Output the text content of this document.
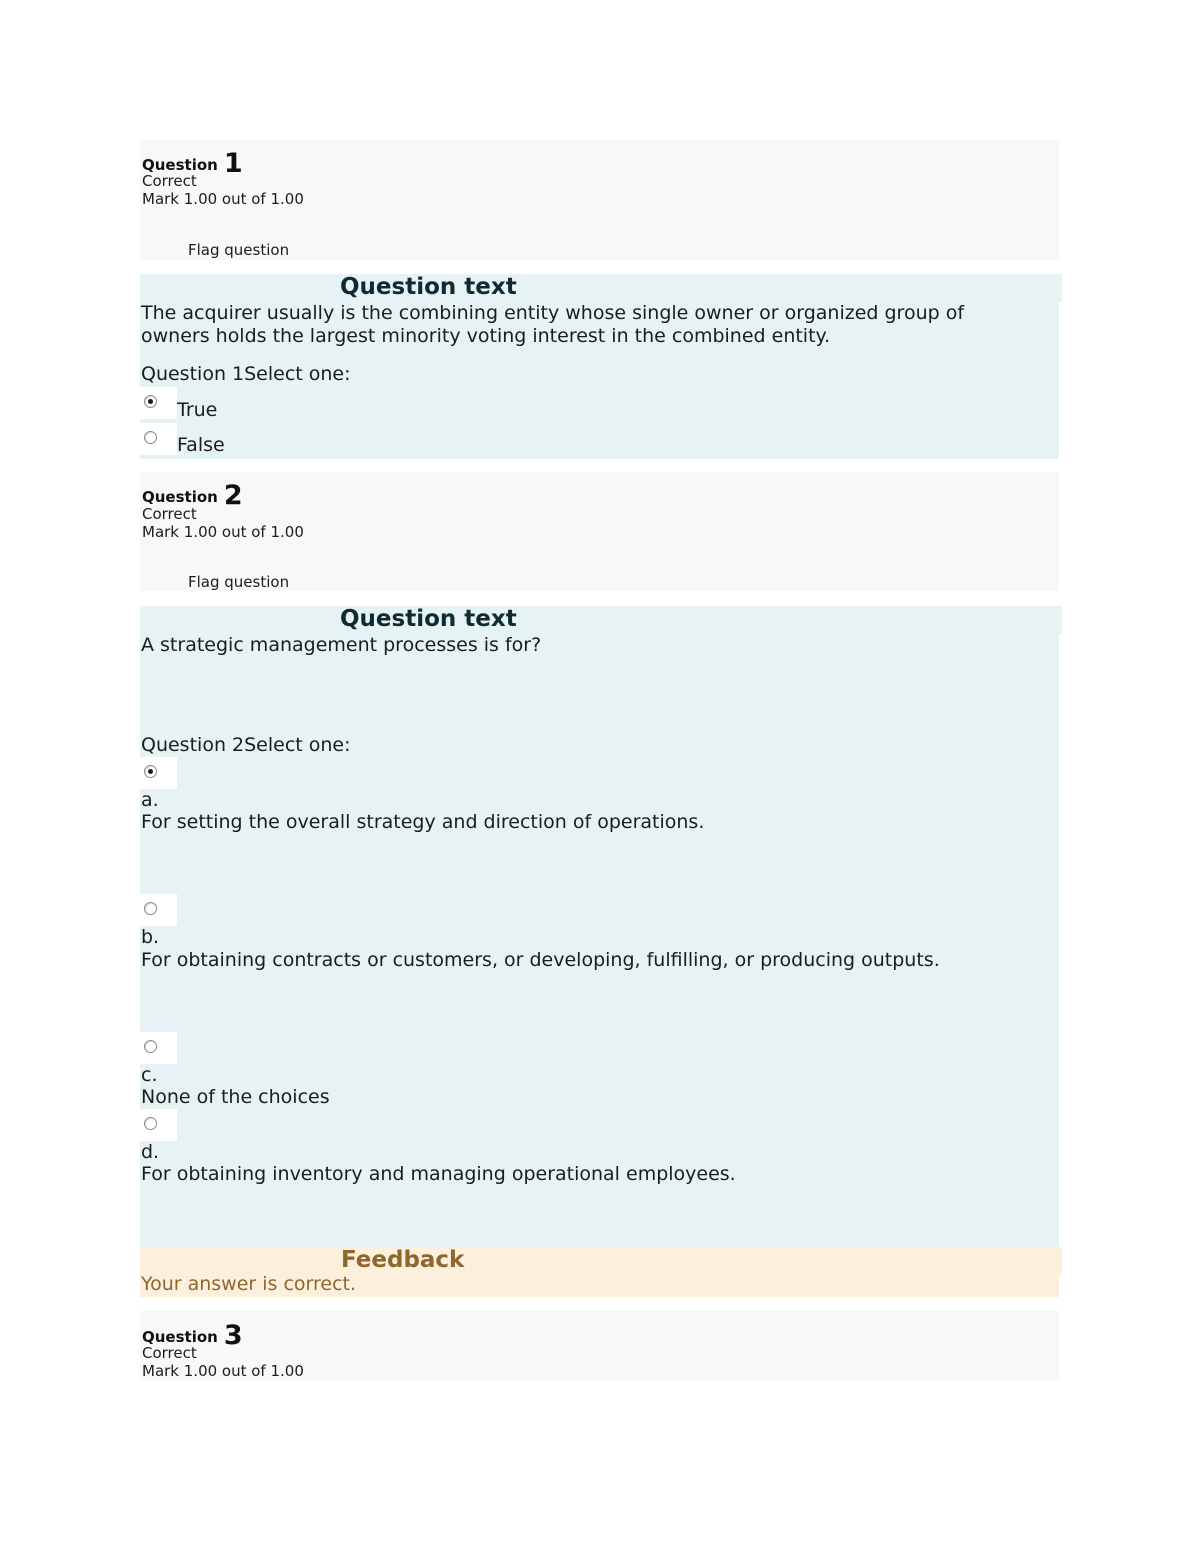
Question 1
Correct
Mark 1.00 out of 1.00
Flag question
Question text
The acquirer usually is the combining entity whose single owner or organized group of
owners holds the largest minority voting interest in the combined entity.
Question 1Select one:
True
False
Question 2
Correct
Mark 1.00 out of 1.00
Flag question
Question text
A strategic management processes is for?
Question 2Select one:
a.
For setting the overall strategy and direction of operations.
b.
For obtaining contracts or customers, or developing, fulfilling, or producing outputs.
c.
None of the choices
d.
For obtaining inventory and managing operational employees.
Feedback
Your answer is correct.
Question 3
Correct
Mark 1.00 out of 1.00
